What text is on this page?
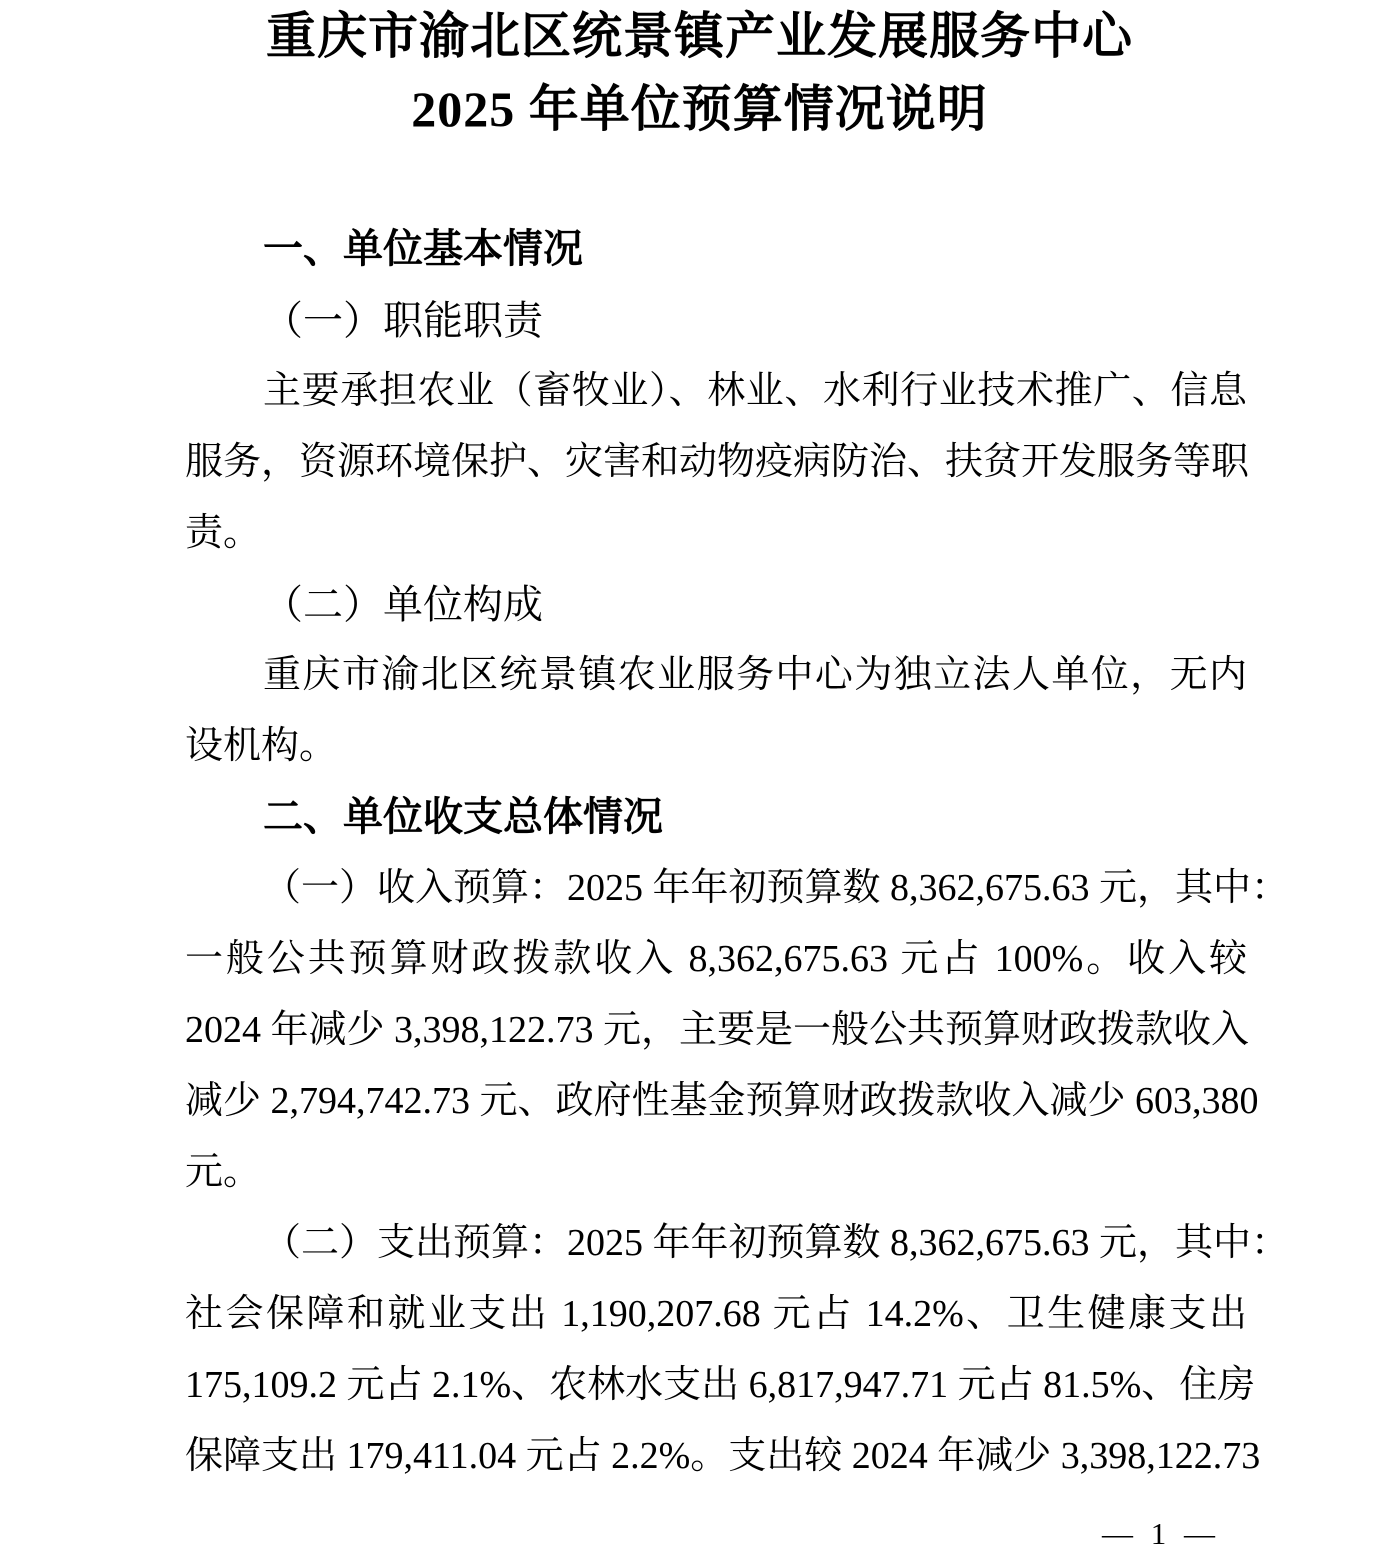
重庆市渝北区统景镇产业发展服务中心
2025 年单位预算情况说明
一、单位基本情况
（一）职能职责
主要承担农业（畜牧业）、林业、水利行业技术推广、信息
服务，资源环境保护、灾害和动物疫病防治、扶贫开发服务等职
责。
（二）单位构成
重庆市渝北区统景镇农业服务中心为独立法人单位，无内
设机构。
二、单位收支总体情况
（一）收入预算：2025 年年初预算数 8,362,675.63 元，其中：
一般公共预算财政拨款收入 8,362,675.63 元占 100%。收入较
2024 年减少 3,398,122.73 元，主要是一般公共预算财政拨款收入
减少 2,794,742.73 元、政府性基金预算财政拨款收入减少 603,380
元。
（二）支出预算：2025 年年初预算数 8,362,675.63 元，其中：
社会保障和就业支出 1,190,207.68 元占 14.2%、卫生健康支出
175,109.2 元占 2.1%、农林水支出 6,817,947.71 元占 81.5%、住房
保障支出 179,411.04 元占 2.2%。支出较 2024 年减少 3,398,122.73
— 1 —
